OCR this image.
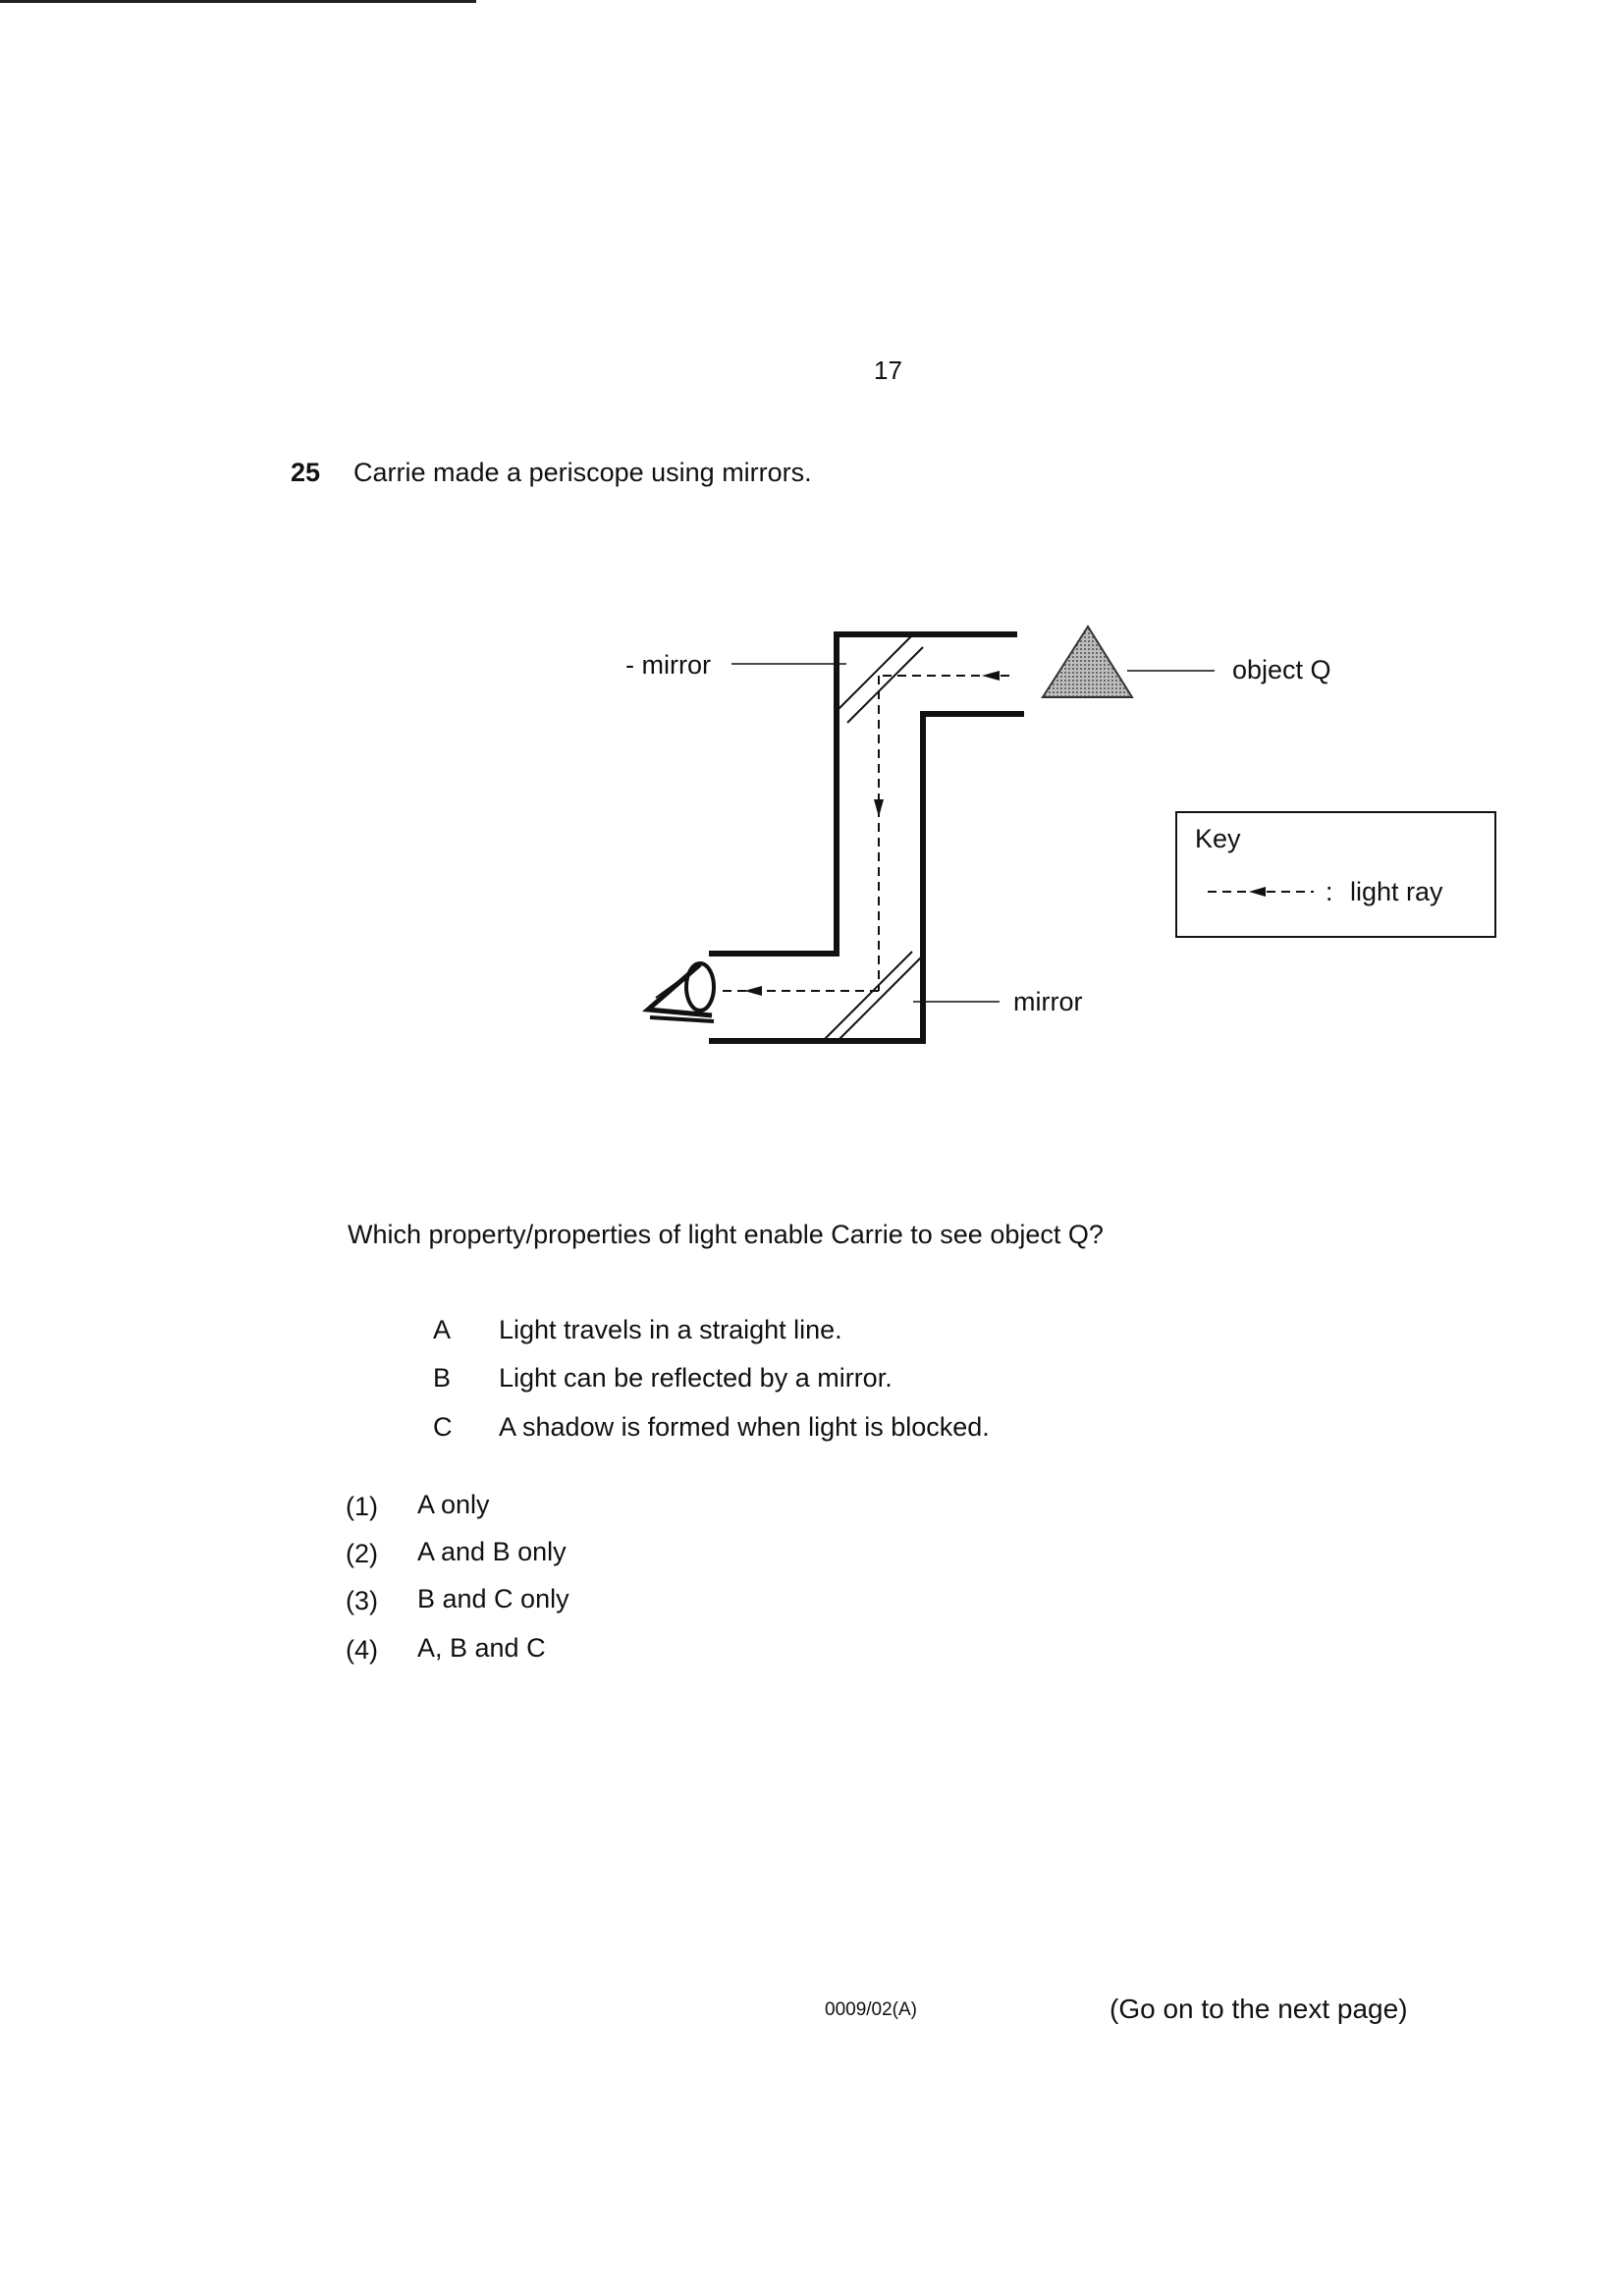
17
25 Carrie made a periscope using mirrors.
- mirror	object Q
mirror
Key
: light ray
Which property/properties of light enable Carrie to see object Q?
A Light travels in a straight line.
B Light can be reflected by a mirror.
C A shadow is formed when light is blocked.
(1) A only
(2) A and B only
(3) B and C only
(4) A, B and C
0009/02(A)	(Go on to the next page)
